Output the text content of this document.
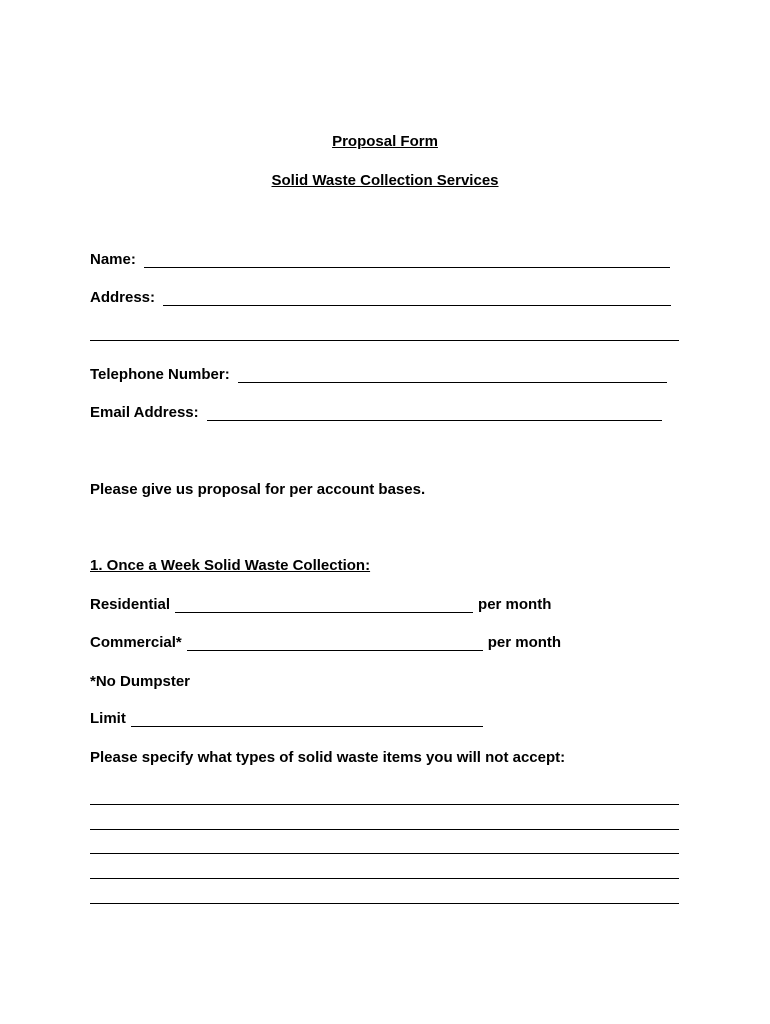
Proposal Form
Solid Waste Collection Services
Name:
Address:
Telephone Number:
Email Address:
Please give us proposal for per account bases.
1. Once a Week Solid Waste Collection:
Residential	per month
Commercial*	per month
*No Dumpster
Limit
Please specify what types of solid waste items you will not accept:
